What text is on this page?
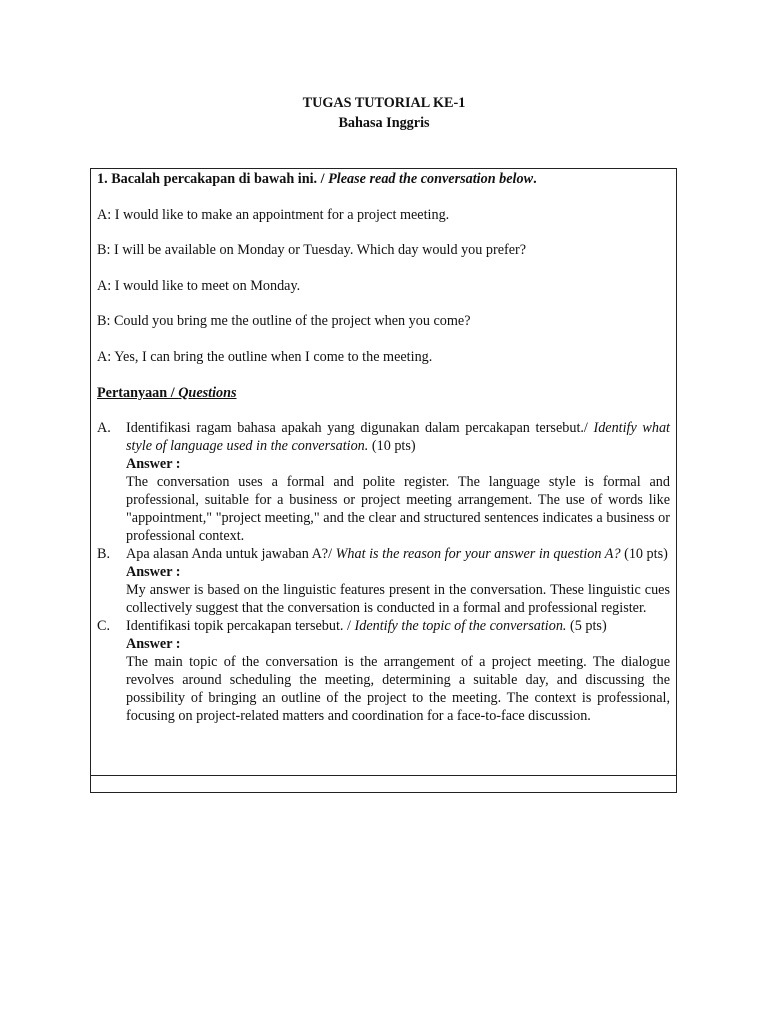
TUGAS TUTORIAL KE-1
Bahasa Inggris

1. Bacalah percakapan di bawah ini. / Please read the conversation below.

A: I would like to make an appointment for a project meeting.

B: I will be available on Monday or Tuesday. Which day would you prefer?

A: I would like to meet on Monday.

B: Could you bring me the outline of the project when you come?

A: Yes, I can bring the outline when I come to the meeting.

Pertanyaan / Questions

A. Identifikasi ragam bahasa apakah yang digunakan dalam percakapan tersebut./ Identify what style of language used in the conversation. (10 pts)
Answer :
The conversation uses a formal and polite register. The language style is formal and professional, suitable for a business or project meeting arrangement. The use of words like "appointment," "project meeting," and the clear and structured sentences indicates a business or professional context.
B. Apa alasan Anda untuk jawaban A?/ What is the reason for your answer in question A? (10 pts)
Answer :
My answer is based on the linguistic features present in the conversation. These linguistic cues collectively suggest that the conversation is conducted in a formal and professional register.
C. Identifikasi topik percakapan tersebut. / Identify the topic of the conversation. (5 pts)
Answer :
The main topic of the conversation is the arrangement of a project meeting. The dialogue revolves around scheduling the meeting, determining a suitable day, and discussing the possibility of bringing an outline of the project to the meeting. The context is professional, focusing on project-related matters and coordination for a face-to-face discussion.
